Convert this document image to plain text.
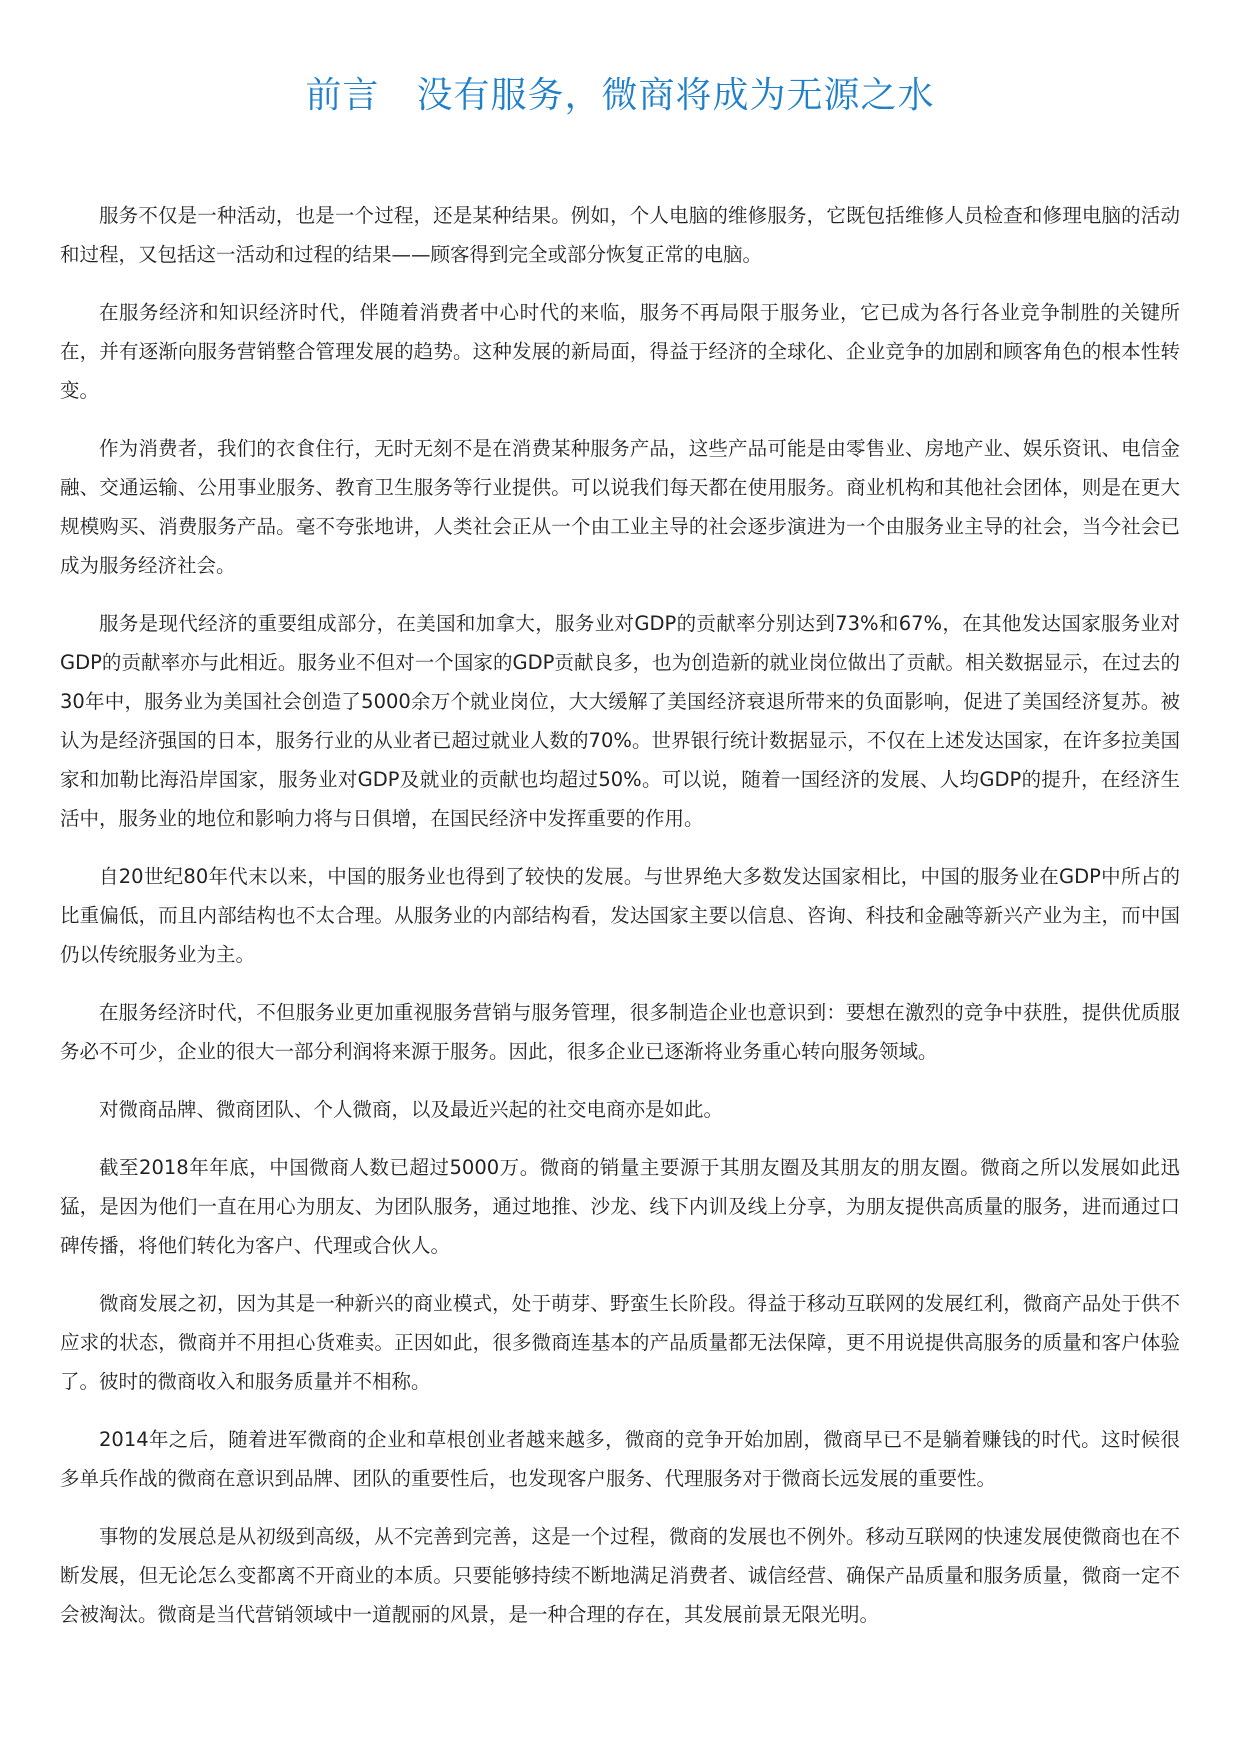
前言　没有服务，微商将成为无源之水

服务不仅是一种活动，也是一个过程，还是某种结果。例如，个人电脑的维修服务，它既包括维修人员检查和修理电脑的活动和过程，又包括这一活动和过程的结果——顾客得到完全或部分恢复正常的电脑。

在服务经济和知识经济时代，伴随着消费者中心时代的来临，服务不再局限于服务业，它已成为各行各业竞争制胜的关键所在，并有逐渐向服务营销整合管理发展的趋势。这种发展的新局面，得益于经济的全球化、企业竞争的加剧和顾客角色的根本性转变。

作为消费者，我们的衣食住行，无时无刻不是在消费某种服务产品，这些产品可能是由零售业、房地产业、娱乐资讯、电信金融、交通运输、公用事业服务、教育卫生服务等行业提供。可以说我们每天都在使用服务。商业机构和其他社会团体，则是在更大规模购买、消费服务产品。毫不夸张地讲，人类社会正从一个由工业主导的社会逐步演进为一个由服务业主导的社会，当今社会已成为服务经济社会。

服务是现代经济的重要组成部分，在美国和加拿大，服务业对GDP的贡献率分别达到73%和67%，在其他发达国家服务业对GDP的贡献率亦与此相近。服务业不但对一个国家的GDP贡献良多，也为创造新的就业岗位做出了贡献。相关数据显示，在过去的30年中，服务业为美国社会创造了5000余万个就业岗位，大大缓解了美国经济衰退所带来的负面影响，促进了美国经济复苏。被认为是经济强国的日本，服务行业的从业者已超过就业人数的70%。世界银行统计数据显示，不仅在上述发达国家，在许多拉美国家和加勒比海沿岸国家，服务业对GDP及就业的贡献也均超过50%。可以说，随着一国经济的发展、人均GDP的提升，在经济生活中，服务业的地位和影响力将与日俱增，在国民经济中发挥重要的作用。

自20世纪80年代末以来，中国的服务业也得到了较快的发展。与世界绝大多数发达国家相比，中国的服务业在GDP中所占的比重偏低，而且内部结构也不太合理。从服务业的内部结构看，发达国家主要以信息、咨询、科技和金融等新兴产业为主，而中国仍以传统服务业为主。

在服务经济时代，不但服务业更加重视服务营销与服务管理，很多制造企业也意识到：要想在激烈的竞争中获胜，提供优质服务必不可少，企业的很大一部分利润将来源于服务。因此，很多企业已逐渐将业务重心转向服务领域。

对微商品牌、微商团队、个人微商，以及最近兴起的社交电商亦是如此。

截至2018年年底，中国微商人数已超过5000万。微商的销量主要源于其朋友圈及其朋友的朋友圈。微商之所以发展如此迅猛，是因为他们一直在用心为朋友、为团队服务，通过地推、沙龙、线下内训及线上分享，为朋友提供高质量的服务，进而通过口碑传播，将他们转化为客户、代理或合伙人。

微商发展之初，因为其是一种新兴的商业模式，处于萌芽、野蛮生长阶段。得益于移动互联网的发展红利，微商产品处于供不应求的状态，微商并不用担心货难卖。正因如此，很多微商连基本的产品质量都无法保障，更不用说提供高服务的质量和客户体验了。彼时的微商收入和服务质量并不相称。

2014年之后，随着进军微商的企业和草根创业者越来越多，微商的竞争开始加剧，微商早已不是躺着赚钱的时代。这时候很多单兵作战的微商在意识到品牌、团队的重要性后，也发现客户服务、代理服务对于微商长远发展的重要性。

事物的发展总是从初级到高级，从不完善到完善，这是一个过程，微商的发展也不例外。移动互联网的快速发展使微商也在不断发展，但无论怎么变都离不开商业的本质。只要能够持续不断地满足消费者、诚信经营、确保产品质量和服务质量，微商一定不会被淘汰。微商是当代营销领域中一道靓丽的风景，是一种合理的存在，其发展前景无限光明。
